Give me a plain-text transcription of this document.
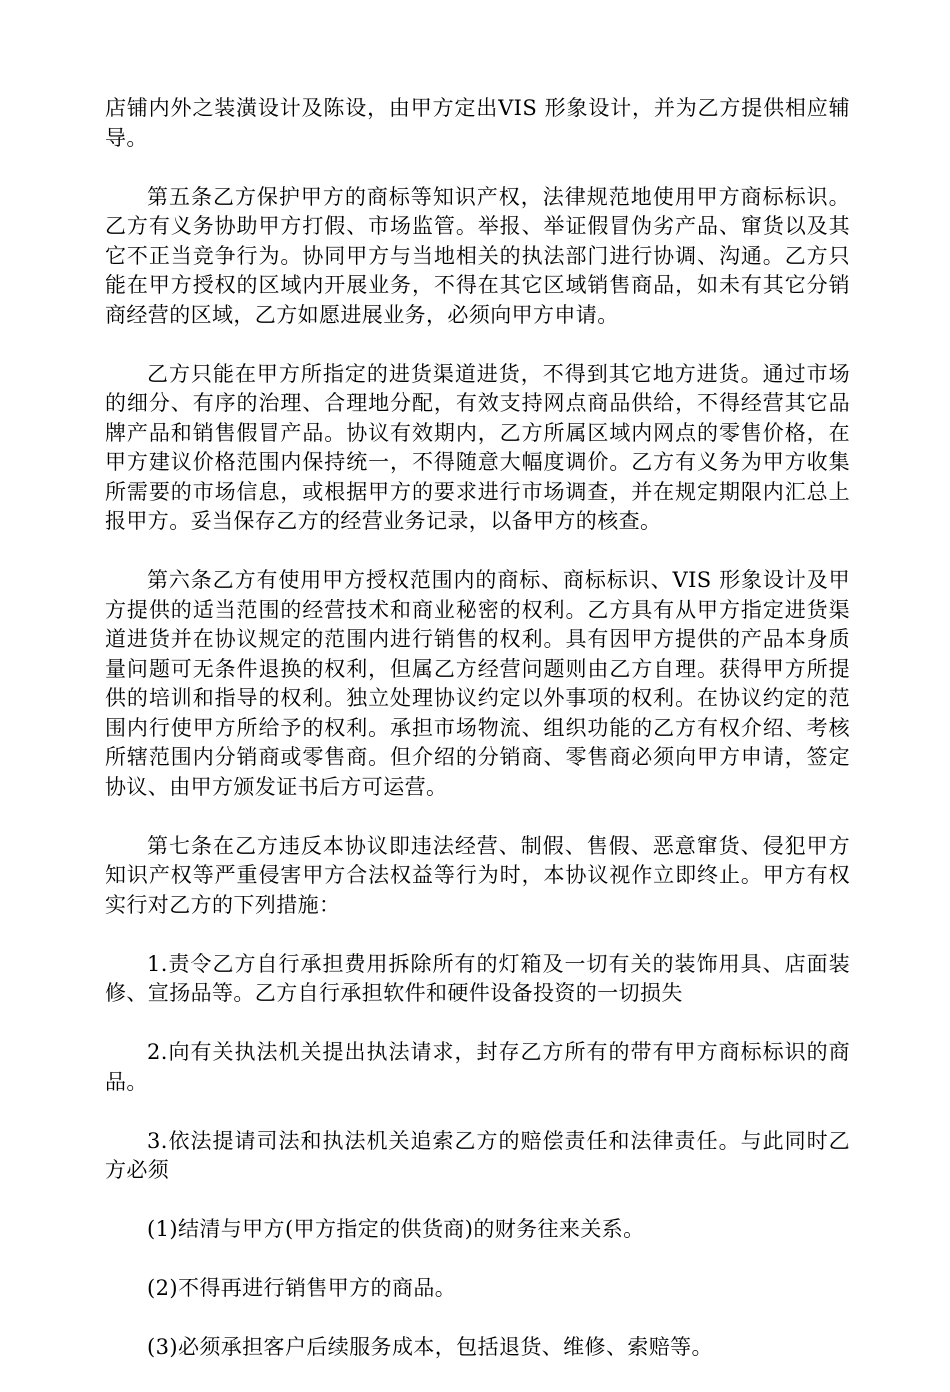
店铺内外之装潢设计及陈设，由甲方定出VIS 形象设计，并为乙方提供相应辅导。

第五条乙方保护甲方的商标等知识产权，法律规范地使用甲方商标标识。乙方有义务协助甲方打假、市场监管。举报、举证假冒伪劣产品、窜货以及其它不正当竞争行为。协同甲方与当地相关的执法部门进行协调、沟通。乙方只能在甲方授权的区域内开展业务，不得在其它区域销售商品，如未有其它分销商经营的区域，乙方如愿进展业务，必须向甲方申请。

乙方只能在甲方所指定的进货渠道进货，不得到其它地方进货。通过市场的细分、有序的治理、合理地分配，有效支持网点商品供给，不得经营其它品牌产品和销售假冒产品。协议有效期内，乙方所属区域内网点的零售价格，在甲方建议价格范围内保持统一，不得随意大幅度调价。乙方有义务为甲方收集所需要的市场信息，或根据甲方的要求进行市场调查，并在规定期限内汇总上报甲方。妥当保存乙方的经营业务记录，以备甲方的核查。

第六条乙方有使用甲方授权范围内的商标、商标标识、VIS 形象设计及甲方提供的适当范围的经营技术和商业秘密的权利。乙方具有从甲方指定进货渠道进货并在协议规定的范围内进行销售的权利。具有因甲方提供的产品本身质量问题可无条件退换的权利，但属乙方经营问题则由乙方自理。获得甲方所提供的培训和指导的权利。独立处理协议约定以外事项的权利。在协议约定的范围内行使甲方所给予的权利。承担市场物流、组织功能的乙方有权介绍、考核所辖范围内分销商或零售商。但介绍的分销商、零售商必须向甲方申请，签定协议、由甲方颁发证书后方可运营。

第七条在乙方违反本协议即违法经营、制假、售假、恶意窜货、侵犯甲方知识产权等严重侵害甲方合法权益等行为时，本协议视作立即终止。甲方有权实行对乙方的下列措施：

1.责令乙方自行承担费用拆除所有的灯箱及一切有关的装饰用具、店面装修、宣扬品等。乙方自行承担软件和硬件设备投资的一切损失

2.向有关执法机关提出执法请求，封存乙方所有的带有甲方商标标识的商品。

3.依法提请司法和执法机关追索乙方的赔偿责任和法律责任。与此同时乙方必须

(1)结清与甲方(甲方指定的供货商)的财务往来关系。

(2)不得再进行销售甲方的商品。

(3)必须承担客户后续服务成本，包括退货、维修、索赔等。
